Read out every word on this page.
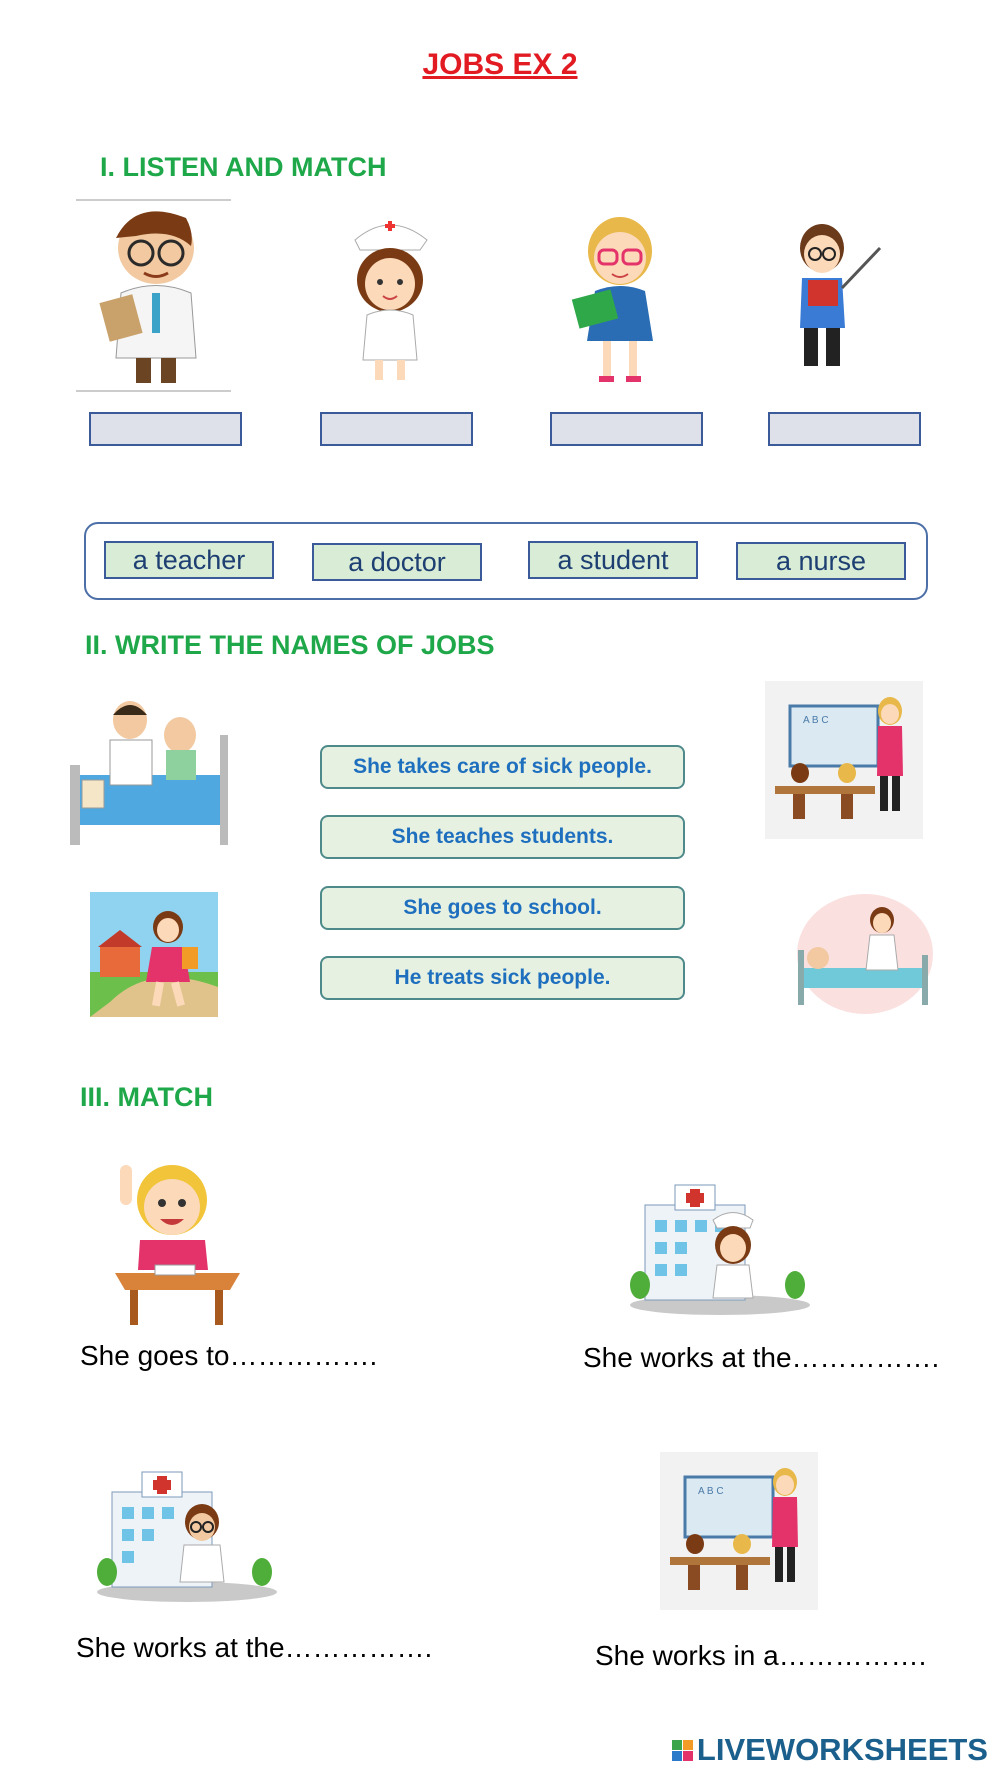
JOBS EX 2
I. LISTEN AND MATCH
a teacher	a doctor	a student	a nurse
II. WRITE THE NAMES OF JOBS
She takes care of sick people.
She teaches students.
She goes to school.
He treats sick people.
A B C
III. MATCH
She goes to…………….	She works at the…………….
A B C
She works at the…………….	She works in a…………….
LIVEWORKSHEETS
